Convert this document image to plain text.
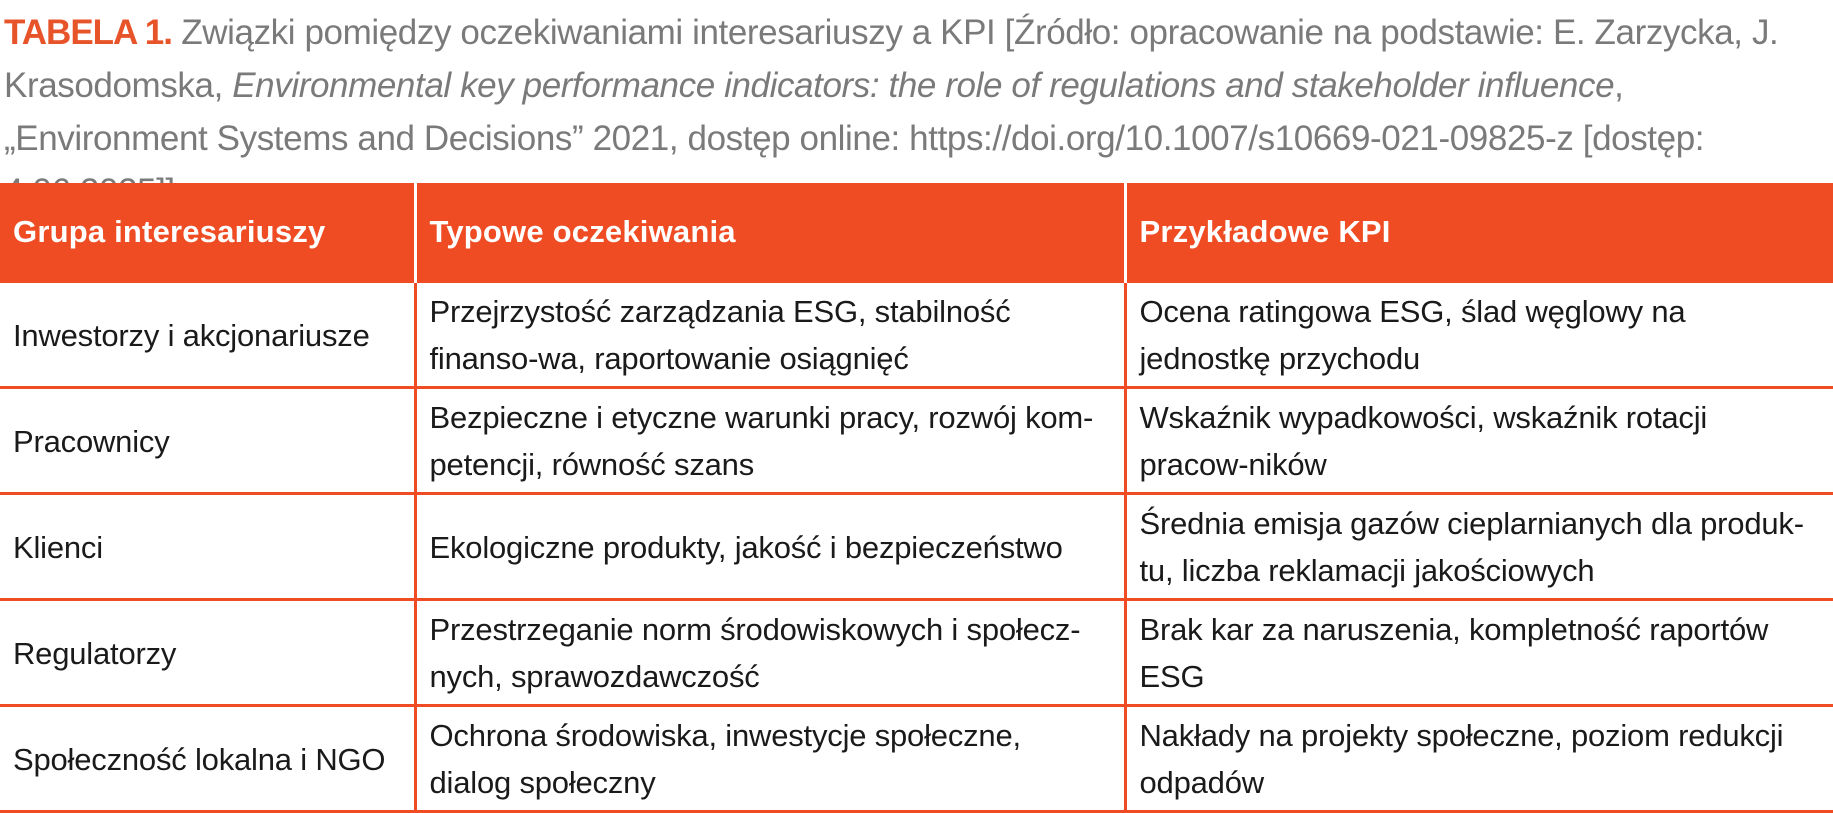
TABELA 1. Związki pomiędzy oczekiwaniami interesariuszy a KPI [Źródło: opracowanie na podstawie: E. Zarzycka, J. Krasodomska, Environmental key performance indicators: the role of regulations and stakeholder influence, „Environment Systems and Decisions” 2021, dostęp online: https://doi.org/10.1007/s10669-021-09825-z [dostęp:
Grupa interesariuszy	Typowe oczekiwania	Przykładowe KPI
Inwestorzy i akcjonariusze	Przejrzystość zarządzania ESG, stabilność finanso-wa, raportowanie osiągnięć	Ocena ratingowa ESG, ślad węglowy na jednostkę przychodu
Pracownicy	Bezpieczne i etyczne warunki pracy, rozwój kom-petencji, równość szans	Wskaźnik wypadkowości, wskaźnik rotacji pracow-ników
Klienci	Ekologiczne produkty, jakość i bezpieczeństwo	Średnia emisja gazów cieplarnianych dla produk-tu, liczba reklamacji jakościowych
Regulatorzy	Przestrzeganie norm środowiskowych i społecz-nych, sprawozdawczość	Brak kar za naruszenia, kompletność raportów ESG
Społeczność lokalna i NGO	Ochrona środowiska, inwestycje społeczne, dialog społeczny	Nakłady na projekty społeczne, poziom redukcji odpadów
